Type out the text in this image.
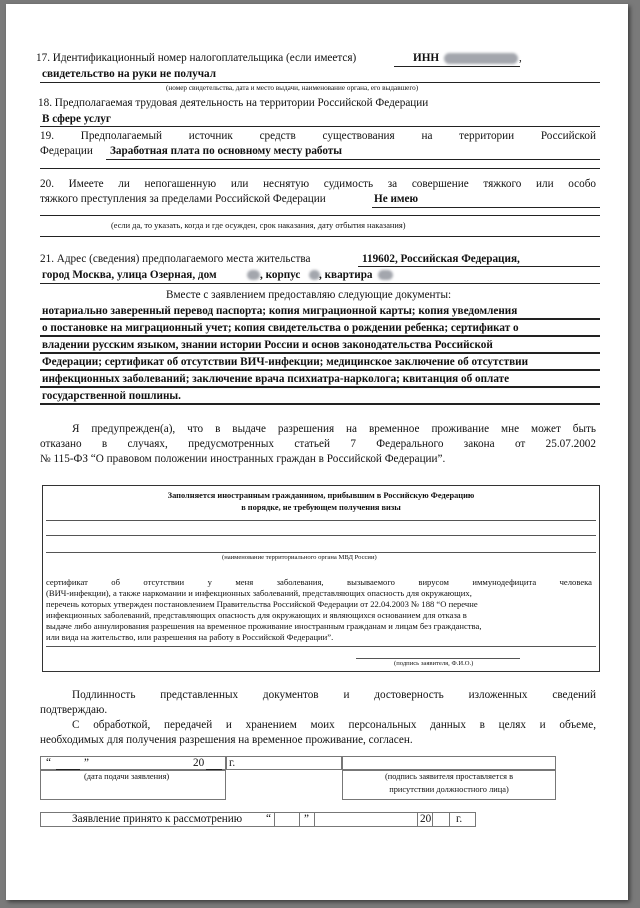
17. Идентификационный номер налогоплательщика (если имеется)	ИНН	,
свидетельство на руки не получал
(номер свидетельства, дата и место выдачи, наименование органа, его выдавшего)
18. Предполагаемая трудовая деятельность на территории Российской Федерации
В сфере услуг
19. Предполагаемый источник средств существования на территории Российской
Федерации Заработная плата по основному месту работы
20. Имеете ли непогашенную или неснятую судимость за совершение тяжкого или особо
тяжкого преступления за пределами Российской Федерации	Не имею
(если да, то указать, когда и где осужден, срок наказания, дату отбытия наказания)
21. Адрес (сведения) предполагаемого места жительства	119602, Российская Федерация,
город Москва, улица Озерная, дом	, корпус , квартира
Вместе с заявлением предоставляю следующие документы:
нотариально заверенный перевод паспорта; копия миграционной карты; копия уведомления
о постановке на миграционный учет; копия свидетельства о рождении ребенка; сертификат о
владении русским языком, знании истории России и основ законодательства Российской
Федерации; сертификат об отсутствии ВИЧ-инфекции; медицинское заключение об отсутствии
инфекционных заболеваний; заключение врача психиатра-нарколога; квитанция об оплате
государственной пошлины.
Я предупрежден(а), что в выдаче разрешения на временное проживание мне может быть
отказано в случаях, предусмотренных статьей 7 Федерального закона от 25.07.2002
№ 115-ФЗ “О правовом положении иностранных граждан в Российской Федерации”.
Заполняется иностранным гражданином, прибывшим в Российскую Федерацию
в порядке, не требующем получения визы
(наименование территориального органа МВД России)
сертификат об отсутствии у меня заболевания, вызываемого вирусом иммунодефицита человека
(ВИЧ-инфекции), а также наркомании и инфекционных заболеваний, представляющих опасность для окружающих,
перечень которых утвержден постановлением Правительства Российской Федерации от 22.04.2003 № 188 “О перечне
инфекционных заболеваний, представляющих опасность для окружающих и являющихся основанием для отказа в
выдаче либо аннулирования разрешения на временное проживание иностранным гражданам и лицам без гражданства,
или вида на жительство, или разрешения на работу в Российской Федерации”.
(подпись заявителя, Ф.И.О.)
Подлинность представленных документов и достоверность изложенных сведений
подтверждаю.
С обработкой, передачей и хранением моих персональных данных в целях и объеме,
необходимых для получения разрешения на временное проживание, согласен.
“	”	20 г.
(дата подачи заявления)	(подпись заявителя проставляется в
присутствии должностного лица)
Заявление принято к рассмотрению “	”	20 г.
